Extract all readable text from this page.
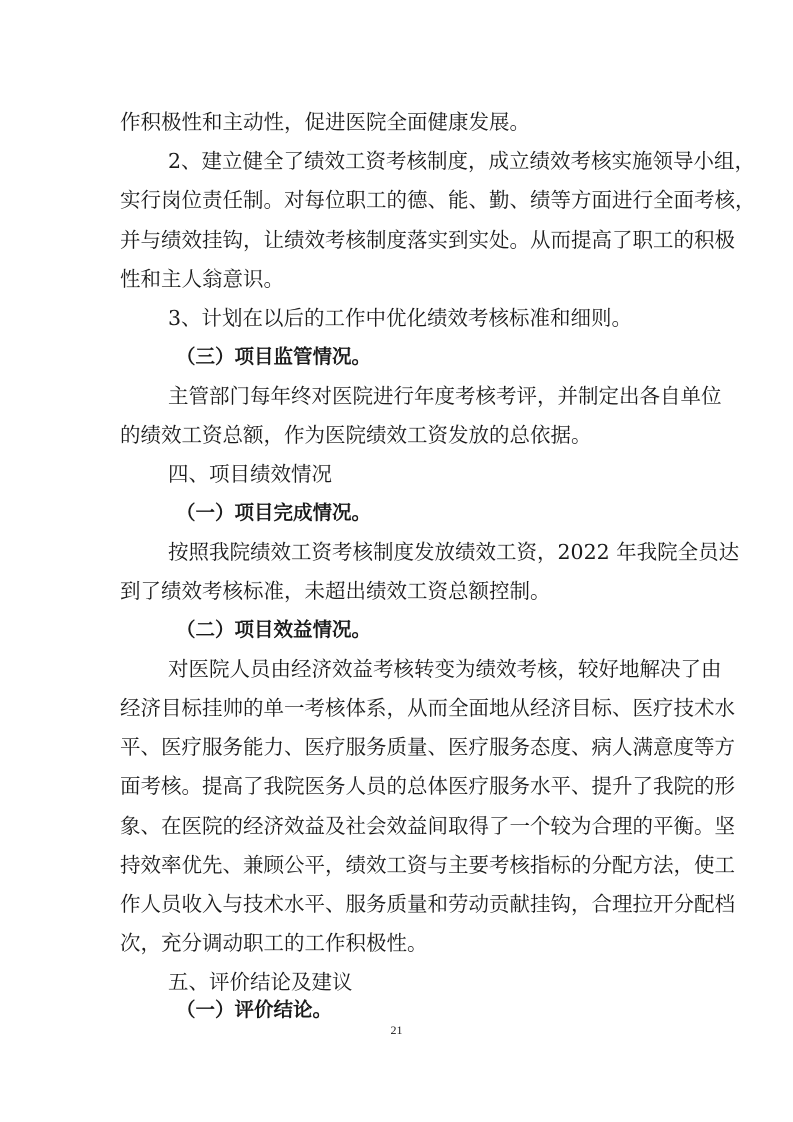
作积极性和主动性，促进医院全面健康发展。
2、建立健全了绩效工资考核制度，成立绩效考核实施领导小组，
实行岗位责任制。对每位职工的德、能、勤、绩等方面进行全面考核，
并与绩效挂钩，让绩效考核制度落实到实处。从而提高了职工的积极
性和主人翁意识。
3、计划在以后的工作中优化绩效考核标准和细则。
（三）项目监管情况。
主管部门每年终对医院进行年度考核考评，并制定出各自单位
的绩效工资总额，作为医院绩效工资发放的总依据。
四、项目绩效情况
（一）项目完成情况。
按照我院绩效工资考核制度发放绩效工资，2022 年我院全员达
到了绩效考核标准，未超出绩效工资总额控制。
（二）项目效益情况。
对医院人员由经济效益考核转变为绩效考核，较好地解决了由
经济目标挂帅的单一考核体系，从而全面地从经济目标、医疗技术水
平、医疗服务能力、医疗服务质量、医疗服务态度、病人满意度等方
面考核。提高了我院医务人员的总体医疗服务水平、提升了我院的形
象、在医院的经济效益及社会效益间取得了一个较为合理的平衡。坚
持效率优先、兼顾公平，绩效工资与主要考核指标的分配方法，使工
作人员收入与技术水平、服务质量和劳动贡献挂钩，合理拉开分配档
次，充分调动职工的工作积极性。
五、评价结论及建议
（一）评价结论。
21
